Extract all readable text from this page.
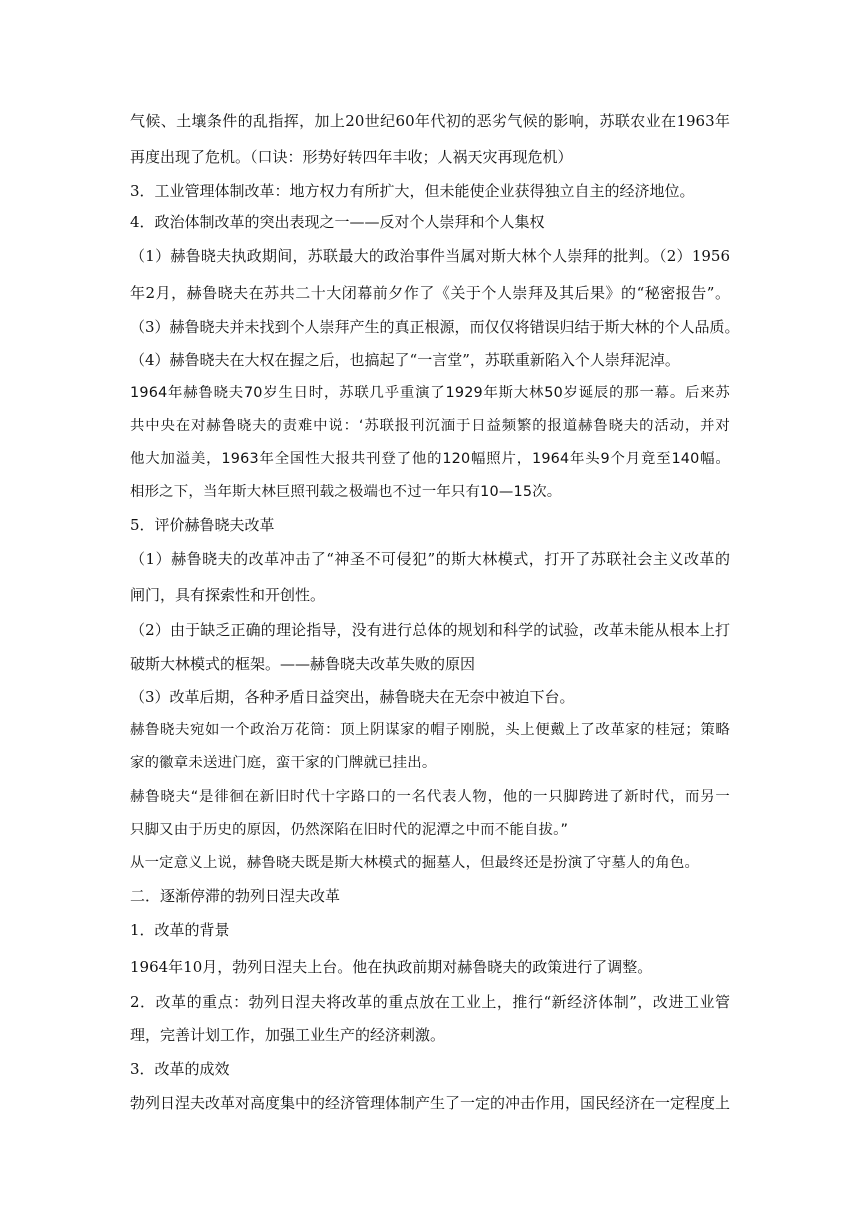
气候、土壤条件的乱指挥，加上20世纪60年代初的恶劣气候的影响，苏联农业在1963年
再度出现了危机。（口诀：形势好转四年丰收；人祸天灾再现危机）
3．工业管理体制改革：地方权力有所扩大，但未能使企业获得独立自主的经济地位。
4．政治体制改革的突出表现之一——反对个人崇拜和个人集权
（1）赫鲁晓夫执政期间，苏联最大的政治事件当属对斯大林个人崇拜的批判。（2）1956
年2月，赫鲁晓夫在苏共二十大闭幕前夕作了《关于个人崇拜及其后果》的“秘密报告”。
（3）赫鲁晓夫并未找到个人崇拜产生的真正根源，而仅仅将错误归结于斯大林的个人品质。
（4）赫鲁晓夫在大权在握之后，也搞起了“一言堂”，苏联重新陷入个人崇拜泥淖。
1964年赫鲁晓夫70岁生日时，苏联几乎重演了1929年斯大林50岁诞辰的那一幕。后来苏
共中央在对赫鲁晓夫的责难中说：‘苏联报刊沉湎于日益频繁的报道赫鲁晓夫的活动，并对
他大加溢美，1963年全国性大报共刊登了他的120幅照片，1964年头9个月竟至140幅。
相形之下，当年斯大林巨照刊载之极端也不过一年只有10—15次。
5．评价赫鲁晓夫改革
（1）赫鲁晓夫的改革冲击了“神圣不可侵犯”的斯大林模式，打开了苏联社会主义改革的
闸门，具有探索性和开创性。
（2）由于缺乏正确的理论指导，没有进行总体的规划和科学的试验，改革未能从根本上打
破斯大林模式的框架。——赫鲁晓夫改革失败的原因
（3）改革后期，各种矛盾日益突出，赫鲁晓夫在无奈中被迫下台。
赫鲁晓夫宛如一个政治万花筒：顶上阴谋家的帽子刚脱，头上便戴上了改革家的桂冠；策略
家的徽章未送进门庭，蛮干家的门牌就已挂出。
赫鲁晓夫“是徘徊在新旧时代十字路口的一名代表人物，他的一只脚跨进了新时代，而另一
只脚又由于历史的原因，仍然深陷在旧时代的泥潭之中而不能自拔。”
从一定意义上说，赫鲁晓夫既是斯大林模式的掘墓人，但最终还是扮演了守墓人的角色。
二．逐渐停滞的勃列日涅夫改革
1．改革的背景
1964年10月，勃列日涅夫上台。他在执政前期对赫鲁晓夫的政策进行了调整。
2．改革的重点：勃列日涅夫将改革的重点放在工业上，推行“新经济体制”，改进工业管
理，完善计划工作，加强工业生产的经济刺激。
3．改革的成效
勃列日涅夫改革对高度集中的经济管理体制产生了一定的冲击作用，国民经济在一定程度上
